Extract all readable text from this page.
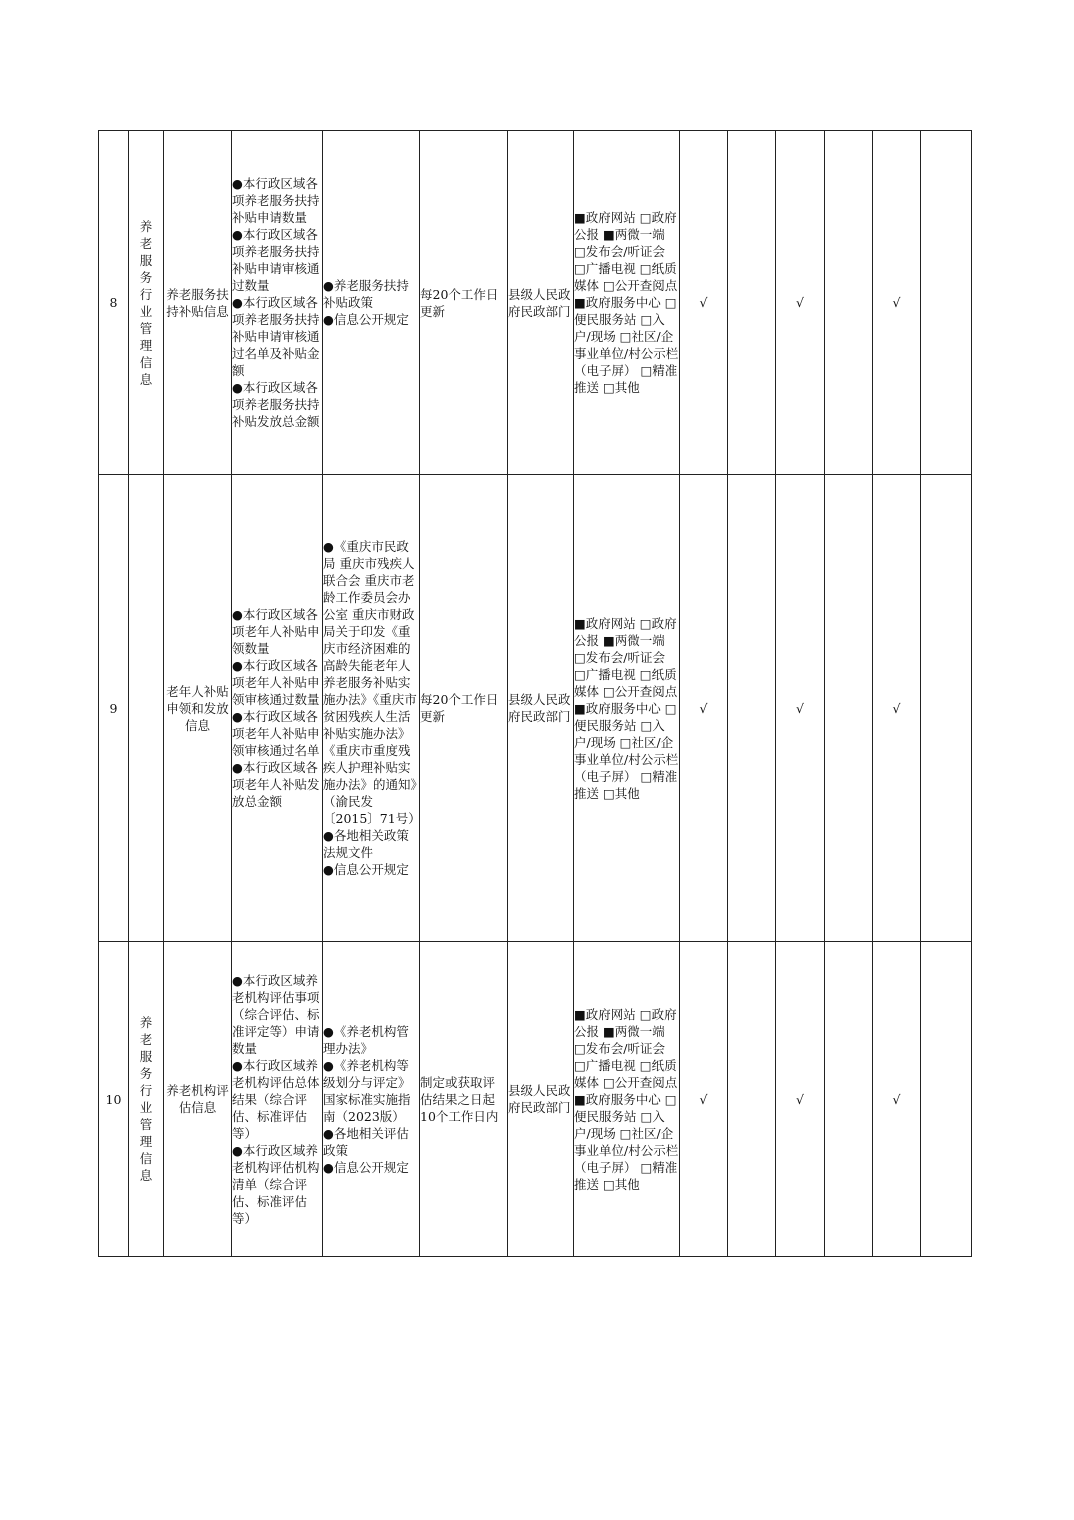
8	养老服务行业管理信息	养老服务扶持补贴信息	●本行政区域各项养老服务扶持补贴申请数量
●本行政区域各项养老服务扶持补贴申请审核通过数量
●本行政区域各项养老服务扶持补贴申请审核通过名单及补贴金额
●本行政区域各项养老服务扶持补贴发放总金额	●养老服务扶持补贴政策
●信息公开规定	每20个工作日更新	县级人民政府民政部门	■政府网站 □政府公报 ■两微一端 □发布会/听证会 □广播电视 □纸质媒体 □公开查阅点 ■政府服务中心 □便民服务站 □入户/现场 □社区/企事业单位/村公示栏（电子屏） □精准推送 □其他	√		√		√	
9		老年人补贴申领和发放信息	●本行政区域各项老年人补贴申领数量
●本行政区域各项老年人补贴申领审核通过数量
●本行政区域各项老年人补贴申领审核通过名单
●本行政区域各项老年人补贴发放总金额	●《重庆市民政局 重庆市残疾人联合会 重庆市老龄工作委员会办公室 重庆市财政局关于印发《重庆市经济困难的高龄失能老年人养老服务补贴实施办法》《重庆市贫困残疾人生活补贴实施办法》《重庆市重度残疾人护理补贴实施办法》的通知》（渝民发〔2015〕71号）
●各地相关政策法规文件
●信息公开规定	每20个工作日更新	县级人民政府民政部门	■政府网站 □政府公报 ■两微一端 □发布会/听证会 □广播电视 □纸质媒体 □公开查阅点 ■政府服务中心 □便民服务站 □入户/现场 □社区/企事业单位/村公示栏（电子屏） □精准推送 □其他	√		√		√	
10	养老服务行业管理信息	养老机构评估信息	●本行政区域养老机构评估事项（综合评估、标准评定等）申请数量
●本行政区域养老机构评估总体结果（综合评估、标准评估等）
●本行政区域养老机构评估机构清单（综合评估、标准评估等）	●《养老机构管理办法》
●《养老机构等级划分与评定》国家标准实施指南（2023版）
●各地相关评估政策
●信息公开规定	制定或获取评估结果之日起10个工作日内	县级人民政府民政部门	■政府网站 □政府公报 ■两微一端 □发布会/听证会 □广播电视 □纸质媒体 □公开查阅点 ■政府服务中心 □便民服务站 □入户/现场 □社区/企事业单位/村公示栏（电子屏） □精准推送 □其他	√		√		√	
